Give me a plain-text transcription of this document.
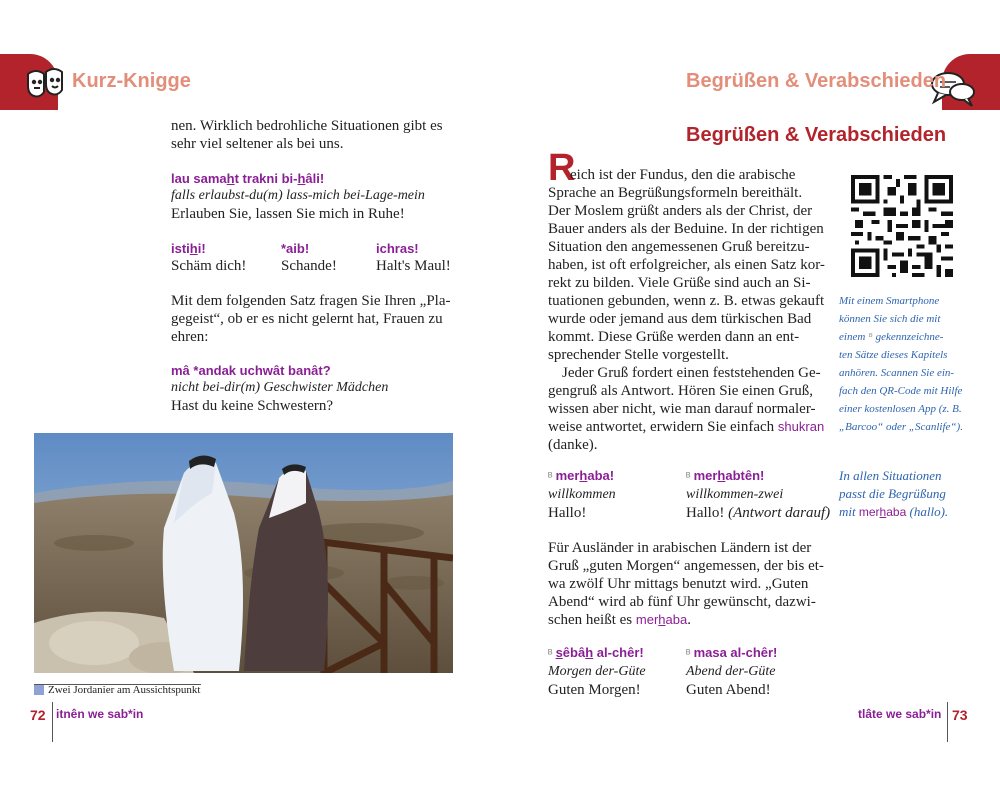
Kurz-Knigge
nen. Wirklich bedrohliche Situationen gibt es
sehr viel seltener als bei uns.
lau samaht trakni bi-hâli!
falls erlaubst-du(m) lass-mich bei-Lage-mein
Erlauben Sie, lassen Sie mich in Ruhe!
istihi!
Schäm dich!
*aib!
Schande!
ichras!
Halt's Maul!
Mit dem folgenden Satz fragen Sie Ihren „Pla-
gegeist“, ob er es nicht gelernt hat, Frauen zu
ehren:
mâ *andak uchwât banât?
nicht bei-dir(m) Geschwister Mädchen
Hast du keine Schwestern?
Zwei Jordanier am Aussichtspunkt
72 itnên we sab*in
Begrüßen & Verabschieden
Begrüßen & Verabschieden
R
eich ist der Fundus, den die arabische
Sprache an Begrüßungsformeln bereithält.
Der Moslem grüßt anders als der Christ, der
Bauer anders als der Beduine. In der richtigen
Situation den angemessenen Gruß bereitzu-
haben, ist oft erfolgreicher, als einen Satz kor-
rekt zu bilden. Viele Grüße sind auch an Si-
tuationen gebunden, wenn z. B. etwas gekauft
wurde oder jemand aus dem türkischen Bad
kommt. Diese Grüße werden dann an ent-
sprechender Stelle vorgestellt.
Jeder Gruß fordert einen feststehenden Ge-
gengruß als Antwort. Hören Sie einen Gruß,
wissen aber nicht, wie man darauf normaler-
weise antwortet, erwidern Sie einfach shukran
(danke).
Mit einem Smartphone
können Sie sich die mit
einem ᴮ gekennzeichne-
ten Sätze dieses Kapitels
anhören. Scannen Sie ein-
fach den QR-Code mit Hilfe
einer kostenlosen App (z. B.
„Barcoo“ oder „Scanlife“).
ᴮ merhaba!
willkommen
Hallo!
ᴮ merhabtên!
willkommen-zwei
Hallo! (Antwort darauf)
In allen Situationen
passt die Begrüßung
mit merhaba (hallo).
Für Ausländer in arabischen Ländern ist der
Gruß „guten Morgen“ angemessen, der bis et-
wa zwölf Uhr mittags benutzt wird. „Guten
Abend“ wird ab fünf Uhr gewünscht, dazwi-
schen heißt es merhaba.
ᴮ sêbâh al-chêr!
Morgen der-Güte
Guten Morgen!
ᴮ masa al-chêr!
Abend der-Güte
Guten Abend!
tlâte we sab*in 73
